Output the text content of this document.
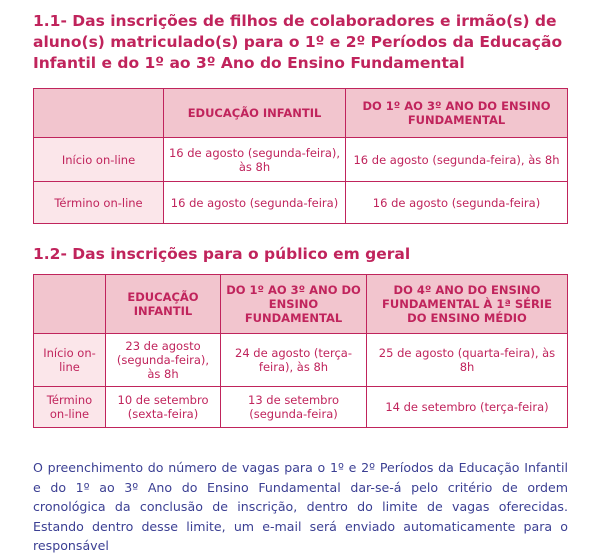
1.1- Das inscrições de filhos de colaboradores e irmão(s) de aluno(s) matriculado(s) para o 1º e 2º Períodos da Educação Infantil e do 1º ao 3º Ano do Ensino Fundamental
	EDUCAÇÃO INFANTIL	DO 1º AO 3º ANO DO ENSINO FUNDAMENTAL
Início on-line	16 de agosto (segunda-feira), às 8h	16 de agosto (segunda-feira), às 8h
Término on-line	16 de agosto (segunda-feira)	16 de agosto (segunda-feira)
1.2- Das inscrições para o público em geral
	EDUCAÇÃO INFANTIL	DO 1º AO 3º ANO DO ENSINO FUNDAMENTAL	DO 4º ANO DO ENSINO FUNDAMENTAL À 1ª SÉRIE DO ENSINO MÉDIO
Início on-line	23 de agosto (segunda-feira), às 8h	24 de agosto (terça-feira), às 8h	25 de agosto (quarta-feira), às 8h
Término on-line	10 de setembro (sexta-feira)	13 de setembro (segunda-feira)	14 de setembro (terça-feira)

O preenchimento do número de vagas para o 1º e 2º Períodos da Educação Infantil e do 1º ao 3º Ano do Ensino Fundamental dar-se-á pelo critério de ordem cronológica da conclusão de inscrição, dentro do limite de vagas oferecidas. Estando dentro desse limite, um e-mail será enviado automaticamente para o responsável
